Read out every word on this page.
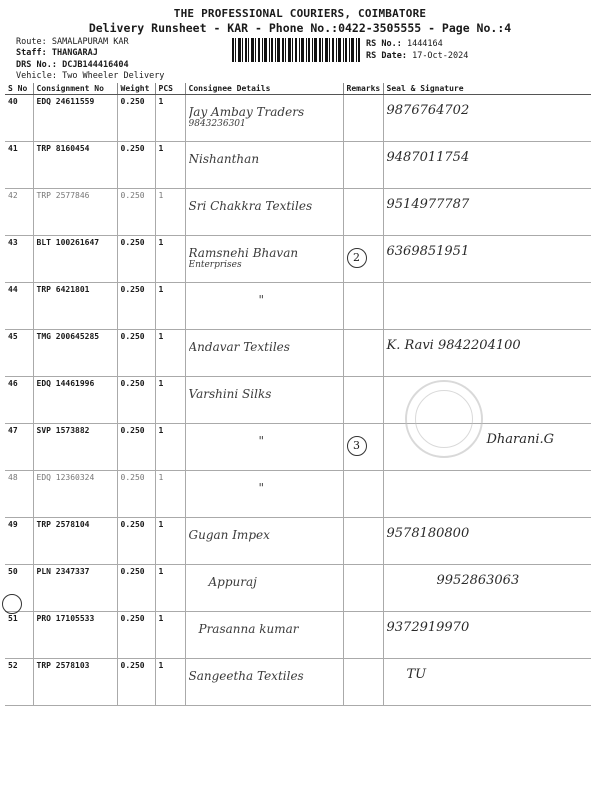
THE PROFESSIONAL COURIERS, COIMBATORE
Delivery Runsheet - KAR - Phone No.:0422-3505555 - Page No.:4
Route: SAMALAPURAM KAR
Staff: THANGARAJ
DRS No.: DCJB144416404
Vehicle: Two Wheeler Delivery
RS No.: 1444164
RS Date: 17-Oct-2024
S No	Consignment No	Weight	PCS	Consignee Details	Remarks	Seal & Signature
40	EDQ 24611559	0.250	1	Jay Ambay Traders
9843236301		9876764702

41	TRP 8160454	0.250	1	Nishanthan		9487011754

42	TRP 2577846	0.250	1	Sri Chakkra Textiles		9514977787

43	BLT 100261647	0.250	1	Ramsnehi Bhavan
Enterprises	2	6369851951

44	TRP 6421801	0.250	1	"		

45	TMG 200645285	0.250	1	Andavar Textiles		K. Ravi 9842204100

46	EDQ 14461996	0.250	1	Varshini Silks		

47	SVP 1573882	0.250	1	"	3	Dharani.G

48	EDQ 12360324	0.250	1	"		

49	TRP 2578104	0.250	1	Gugan Impex		9578180800

50	PLN 2347337	0.250	1	Appuraj		9952863063

51	PRO 17105533	0.250	1	Prasanna kumar		9372919970

52	TRP 2578103	0.250	1	Sangeetha Textiles		TU
